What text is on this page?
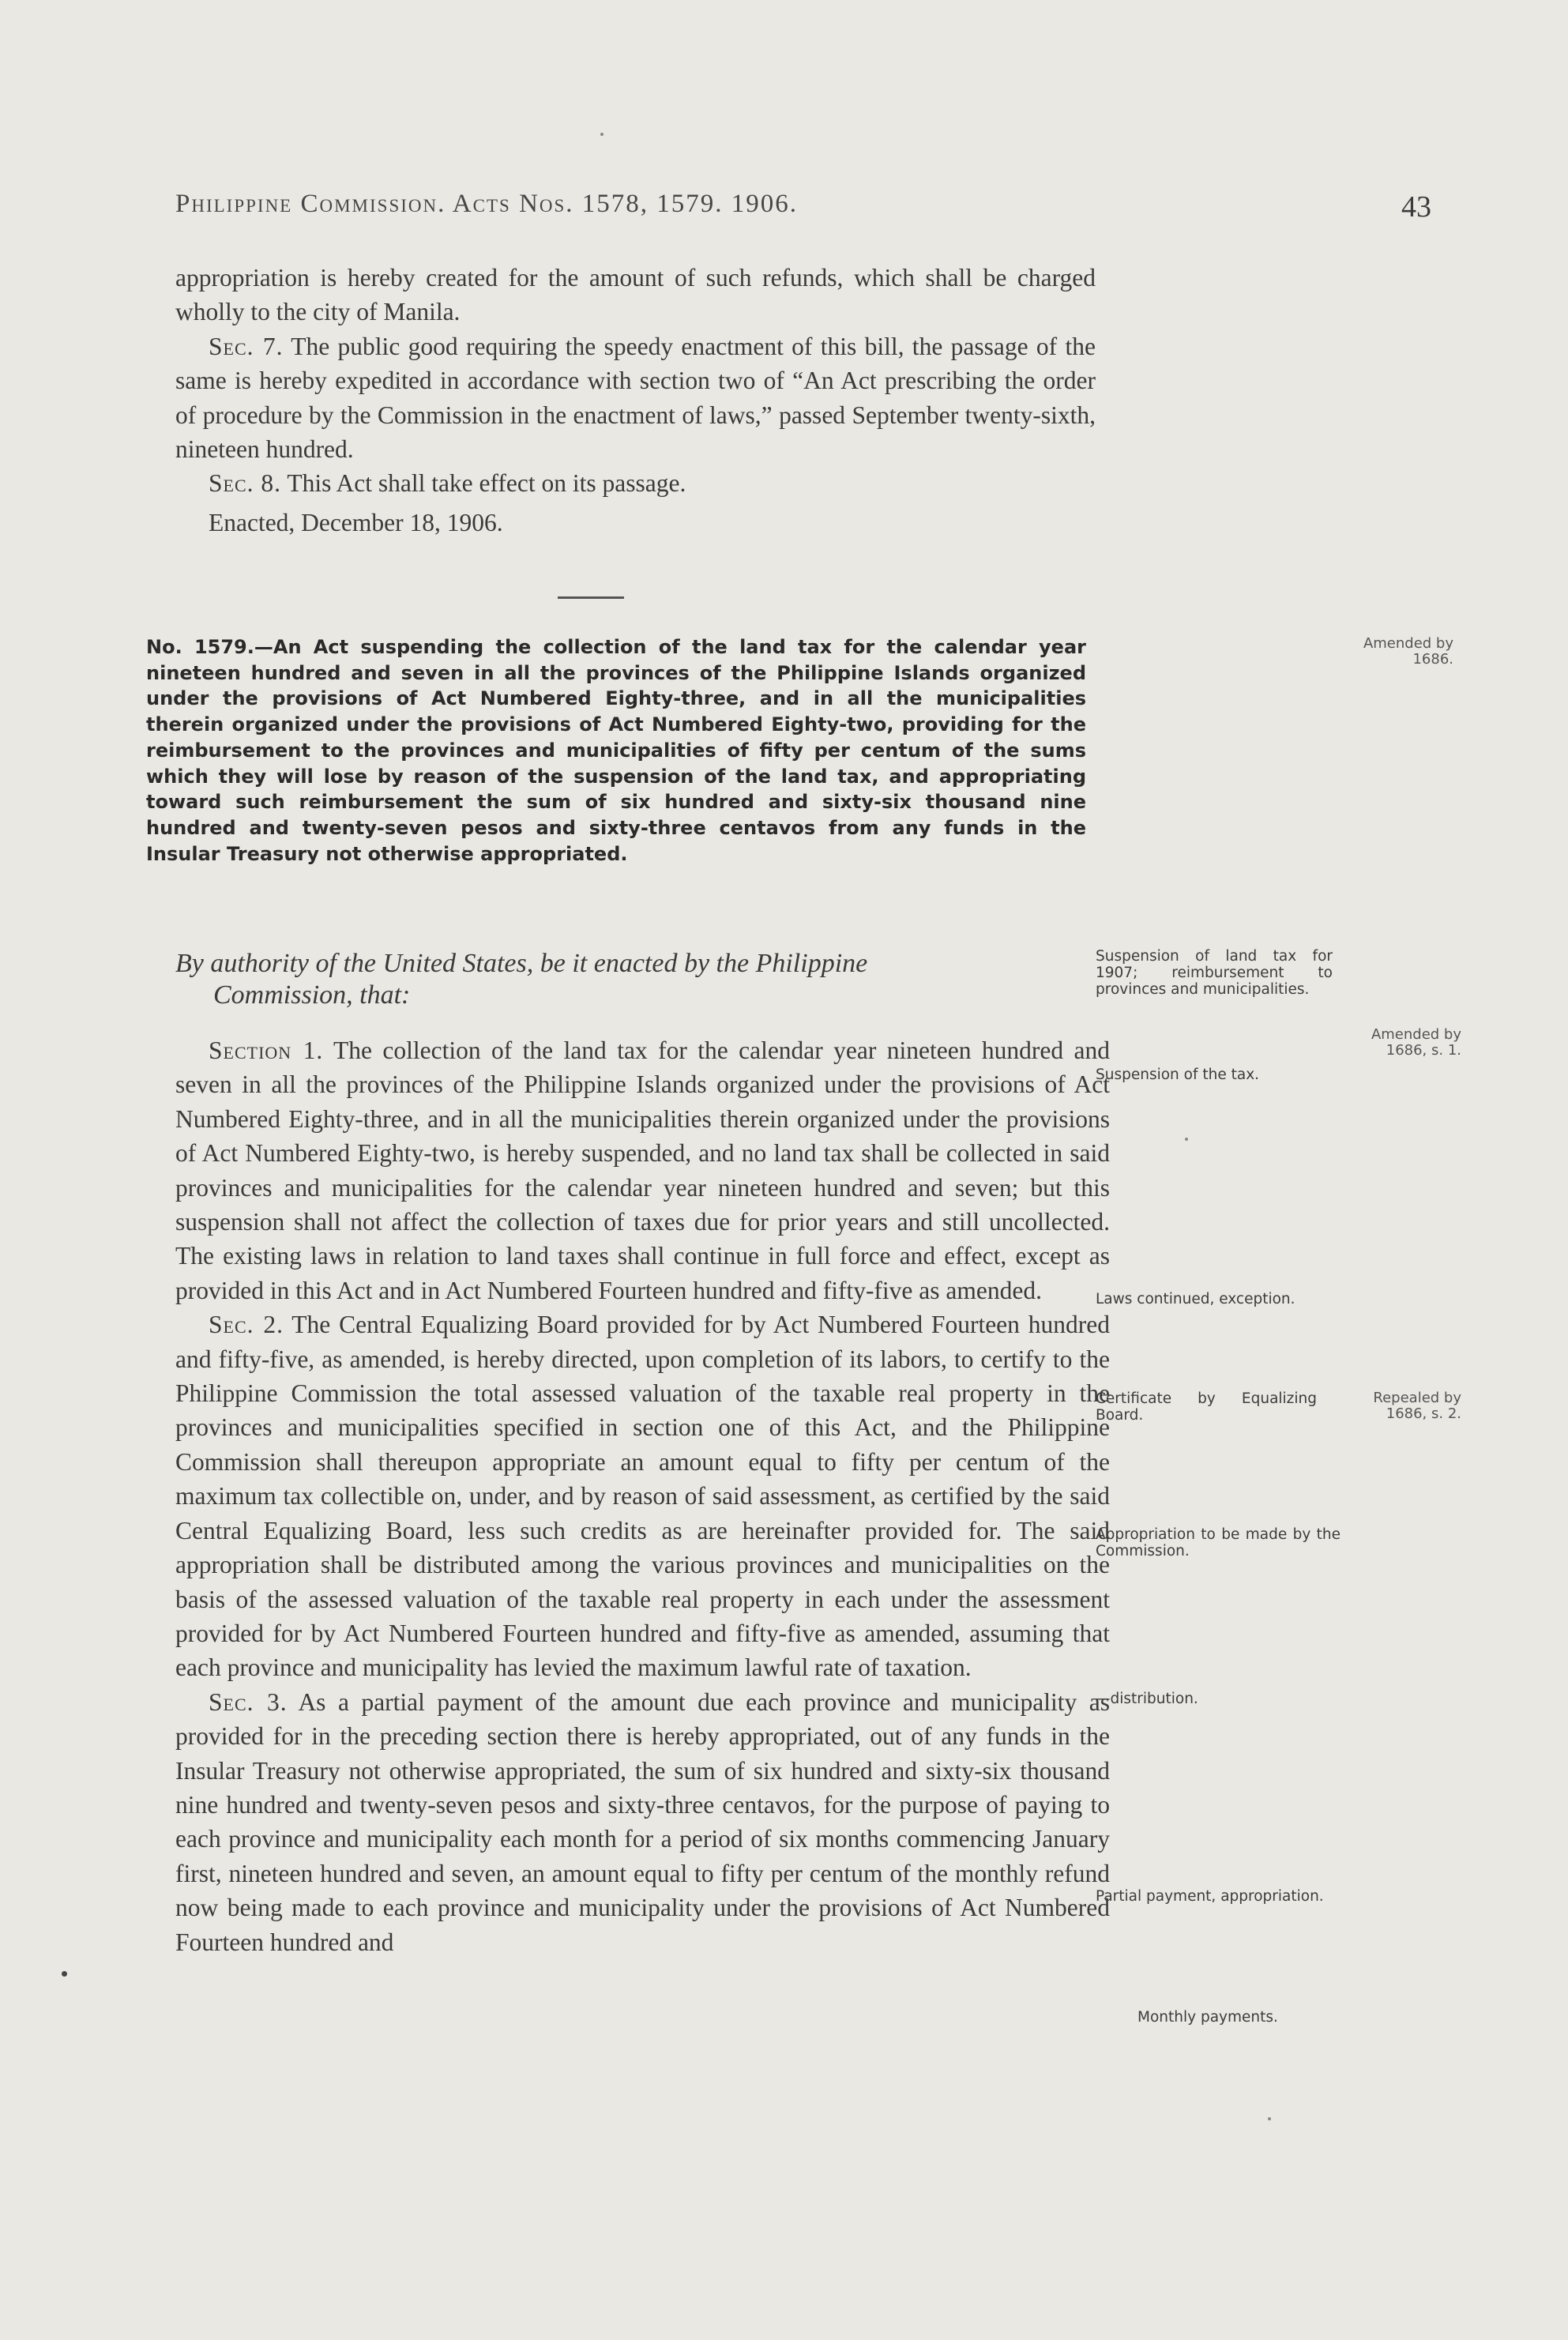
Philippine Commission. Acts Nos. 1578, 1579. 1906.	43

appropriation is hereby created for the amount of such refunds, which shall be charged wholly to the city of Manila.

Sec. 7. The public good requiring the speedy enactment of this bill, the passage of the same is hereby expedited in accordance with section two of “An Act prescribing the order of procedure by the Commission in the enactment of laws,” passed September twenty-sixth, nineteen hundred.

Sec. 8. This Act shall take effect on its passage.

Enacted, December 18, 1906.

No. 1579.—An Act suspending the collection of the land tax for the calendar year nineteen hundred and seven in all the provinces of the Philippine Islands organized under the provisions of Act Numbered Eighty-three, and in all the municipalities therein organized under the provisions of Act Numbered Eighty-two, providing for the reimbursement to the provinces and municipalities of fifty per centum of the sums which they will lose by reason of the suspension of the land tax, and appropriating toward such reimbursement the sum of six hundred and sixty-six thousand nine hundred and twenty-seven pesos and sixty-three centavos from any funds in the Insular Treasury not otherwise appropriated.
By authority of the United States, be it enacted by the Philippine
Commission, that:

Section 1. The collection of the land tax for the calendar year nineteen hundred and seven in all the provinces of the Philippine Islands organized under the provisions of Act Numbered Eighty-three, and in all the municipalities therein organized under the provisions of Act Numbered Eighty-two, is hereby suspended, and no land tax shall be collected in said provinces and municipalities for the calendar year nineteen hundred and seven; but this suspension shall not affect the collection of taxes due for prior years and still uncollected. The existing laws in relation to land taxes shall continue in full force and effect, except as provided in this Act and in Act Numbered Fourteen hundred and fifty-five as amended.

Sec. 2. The Central Equalizing Board provided for by Act Numbered Fourteen hundred and fifty-five, as amended, is hereby directed, upon completion of its labors, to certify to the Philippine Commission the total assessed valuation of the taxable real property in the provinces and municipalities specified in section one of this Act, and the Philippine Commission shall thereupon appropriate an amount equal to fifty per centum of the maximum tax collectible on, under, and by reason of said assessment, as certified by the said Central Equalizing Board, less such credits as are hereinafter provided for. The said appropriation shall be distributed among the various provinces and municipalities on the basis of the assessed valuation of the taxable real property in each under the assessment provided for by Act Numbered Fourteen hundred and fifty-five as amended, assuming that each province and municipality has levied the maximum lawful rate of taxation.

Sec. 3. As a partial payment of the amount due each province and municipality as provided for in the preceding section there is hereby appropriated, out of any funds in the Insular Treasury not otherwise appropriated, the sum of six hundred and sixty-six thousand nine hundred and twenty-seven pesos and sixty-three centavos, for the purpose of paying to each province and municipality each month for a period of six months commencing January first, nineteen hundred and seven, an amount equal to fifty per centum of the monthly refund now being made to each province and municipality under the provisions of Act Numbered Fourteen hundred and

Amended by 1686.
Suspension of land tax for 1907; reimbursement to provinces and municipalities.
Amended by 1686, s. 1.
Suspension of the tax.
Laws continued, exception.
Certificate by Equalizing Board.
Repealed by 1686, s. 2.
Appropriation to be made by the Commission.
—distribution.
Partial payment, appropriation.
Monthly payments.
